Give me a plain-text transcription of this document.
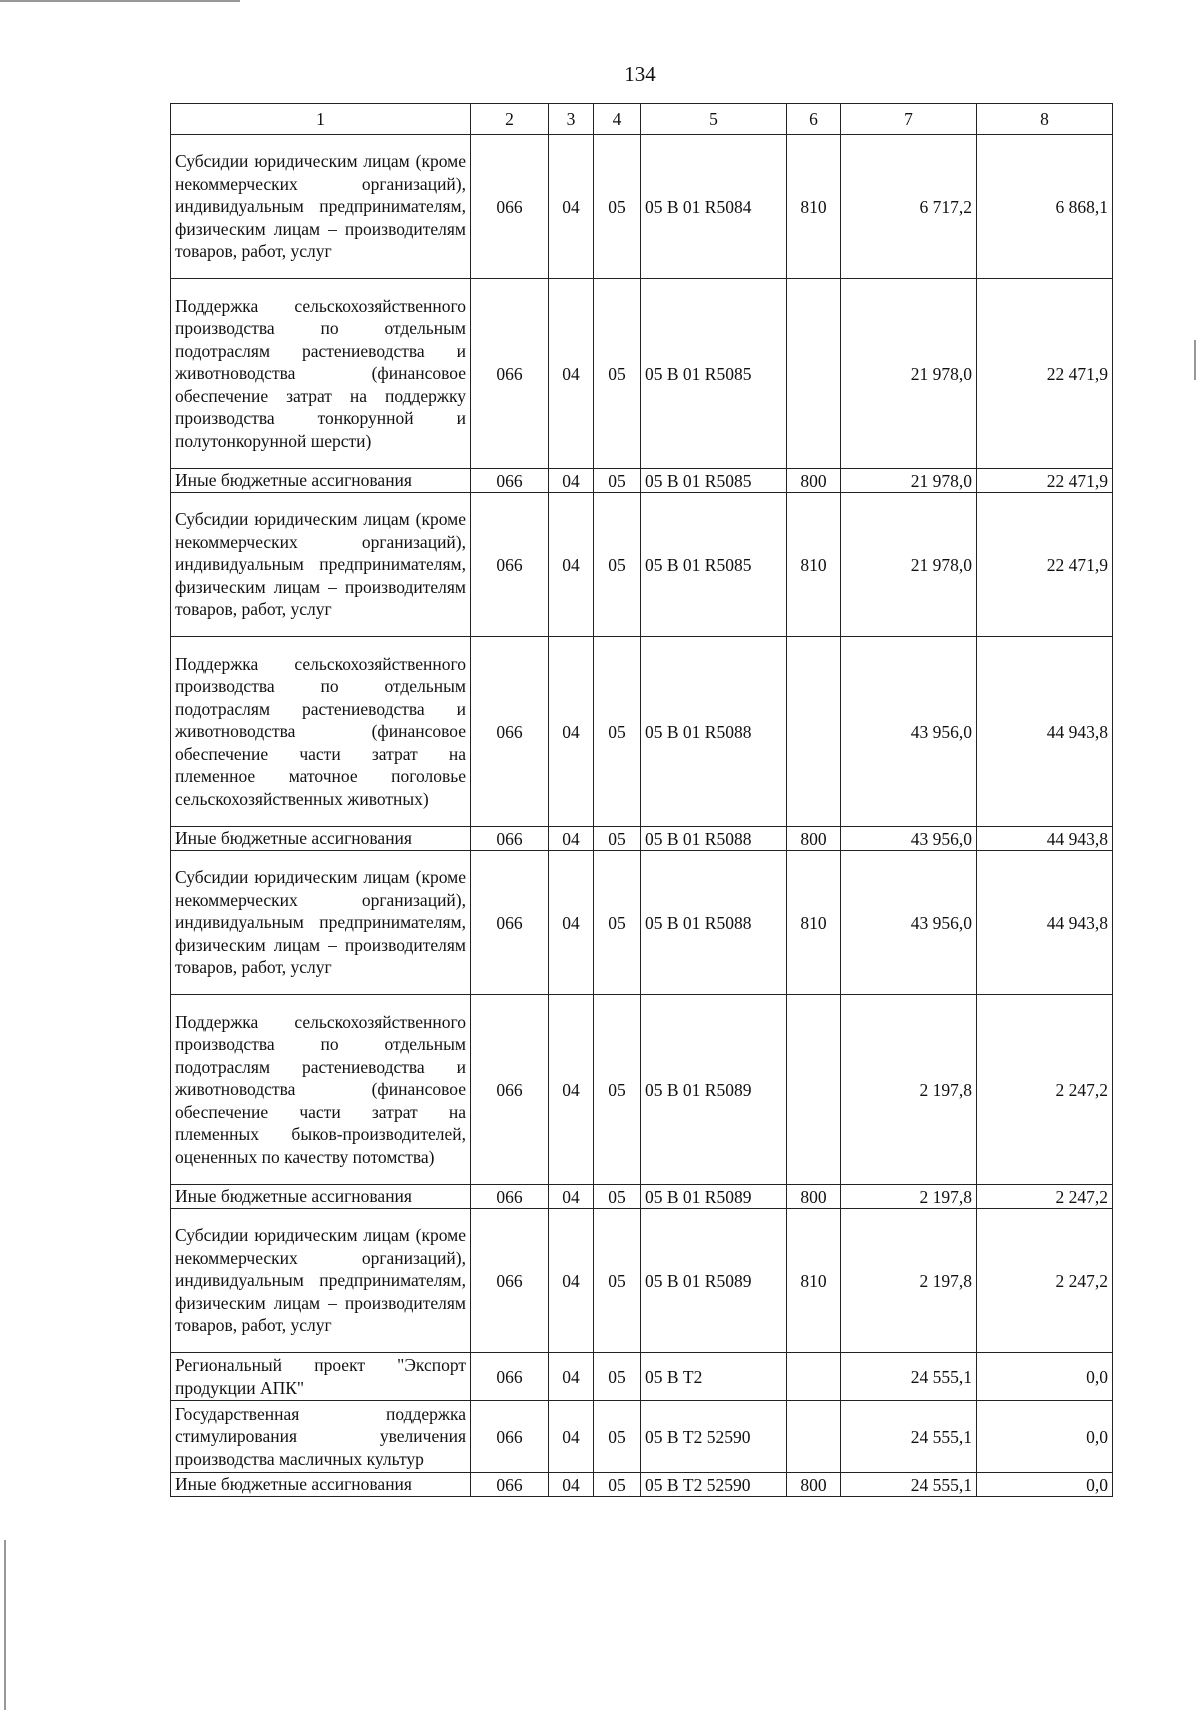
134
1	2	3	4	5	6	7	8
Субсидии юридическим лицам (кроме некоммерческих организаций), индивидуальным предпринимателям, физическим лицам – производителям товаров, работ, услуг	066	04	05	05 В 01 R5084	810	6 717,2	6 868,1
Поддержка сельскохозяйственного производства по отдельным подотраслям растениеводства и животноводства (финансовое обеспечение затрат на поддержку производства тонкорунной и полутонкорунной шерсти)	066	04	05	05 В 01 R5085		21 978,0	22 471,9
Иные бюджетные ассигнования	066	04	05	05 В 01 R5085	800	21 978,0	22 471,9
Субсидии юридическим лицам (кроме некоммерческих организаций), индивидуальным предпринимателям, физическим лицам – производителям товаров, работ, услуг	066	04	05	05 В 01 R5085	810	21 978,0	22 471,9
Поддержка сельскохозяйственного производства по отдельным подотраслям растениеводства и животноводства (финансовое обеспечение части затрат на племенное маточное поголовье сельскохозяйственных животных)	066	04	05	05 В 01 R5088		43 956,0	44 943,8
Иные бюджетные ассигнования	066	04	05	05 В 01 R5088	800	43 956,0	44 943,8
Субсидии юридическим лицам (кроме некоммерческих организаций), индивидуальным предпринимателям, физическим лицам – производителям товаров, работ, услуг	066	04	05	05 В 01 R5088	810	43 956,0	44 943,8
Поддержка сельскохозяйственного производства по отдельным подотраслям растениеводства и животноводства (финансовое обеспечение части затрат на племенных быков-производителей, оцененных по качеству потомства)	066	04	05	05 В 01 R5089		2 197,8	2 247,2
Иные бюджетные ассигнования	066	04	05	05 В 01 R5089	800	2 197,8	2 247,2
Субсидии юридическим лицам (кроме некоммерческих организаций), индивидуальным предпринимателям, физическим лицам – производителям товаров, работ, услуг	066	04	05	05 В 01 R5089	810	2 197,8	2 247,2
Региональный проект "Экспорт продукции АПК"	066	04	05	05 В Т2		24 555,1	0,0
Государственная поддержка стимулирования увеличения производства масличных культур	066	04	05	05 В Т2 52590		24 555,1	0,0
Иные бюджетные ассигнования	066	04	05	05 В Т2 52590	800	24 555,1	0,0
